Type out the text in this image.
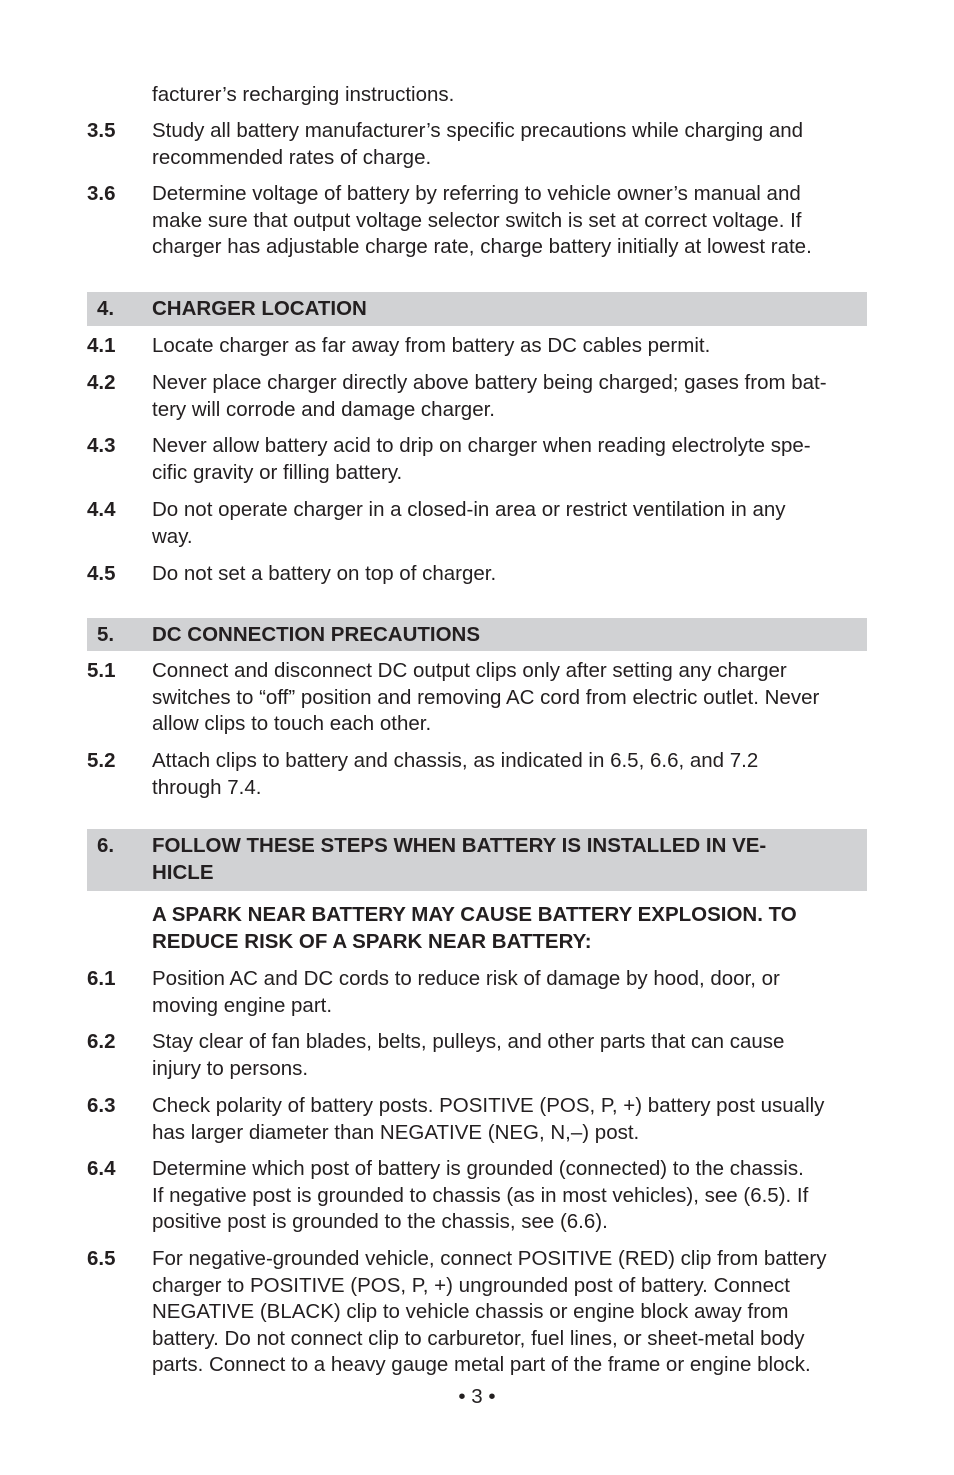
facturer’s recharging instructions.
3.5 Study all battery manufacturer’s specific precautions while charging and
recommended rates of charge.
3.6 Determine voltage of battery by referring to vehicle owner’s manual and
make sure that output voltage selector switch is set at correct voltage. If
charger has adjustable charge rate, charge battery initially at lowest rate.
4. CHARGER LOCATION
4.1 Locate charger as far away from battery as DC cables permit.
4.2 Never place charger directly above battery being charged; gases from bat-
tery will corrode and damage charger.
4.3 Never allow battery acid to drip on charger when reading electrolyte spe-
cific gravity or filling battery.
4.4 Do not operate charger in a closed-in area or restrict ventilation in any
way.
4.5 Do not set a battery on top of charger.
5. DC CONNECTION PRECAUTIONS
5.1 Connect and disconnect DC output clips only after setting any charger
switches to “off” position and removing AC cord from electric outlet. Never
allow clips to touch each other.
5.2 Attach clips to battery and chassis, as indicated in 6.5, 6.6, and 7.2
through 7.4.
6. FOLLOW THESE STEPS WHEN BATTERY IS INSTALLED IN VE-
HICLE
A SPARK NEAR BATTERY MAY CAUSE BATTERY EXPLOSION. TO
REDUCE RISK OF A SPARK NEAR BATTERY:
6.1 Position AC and DC cords to reduce risk of damage by hood, door, or
moving engine part.
6.2 Stay clear of fan blades, belts, pulleys, and other parts that can cause
injury to persons.
6.3 Check polarity of battery posts. POSITIVE (POS, P, +) battery post usually
has larger diameter than NEGATIVE (NEG, N,–) post.
6.4 Determine which post of battery is grounded (connected) to the chassis.
If negative post is grounded to chassis (as in most vehicles), see (6.5). If
positive post is grounded to the chassis, see (6.6).
6.5 For negative-grounded vehicle, connect POSITIVE (RED) clip from battery
charger to POSITIVE (POS, P, +) ungrounded post of battery. Connect
NEGATIVE (BLACK) clip to vehicle chassis or engine block away from
battery. Do not connect clip to carburetor, fuel lines, or sheet-metal body
parts. Connect to a heavy gauge metal part of the frame or engine block.
• 3 •
